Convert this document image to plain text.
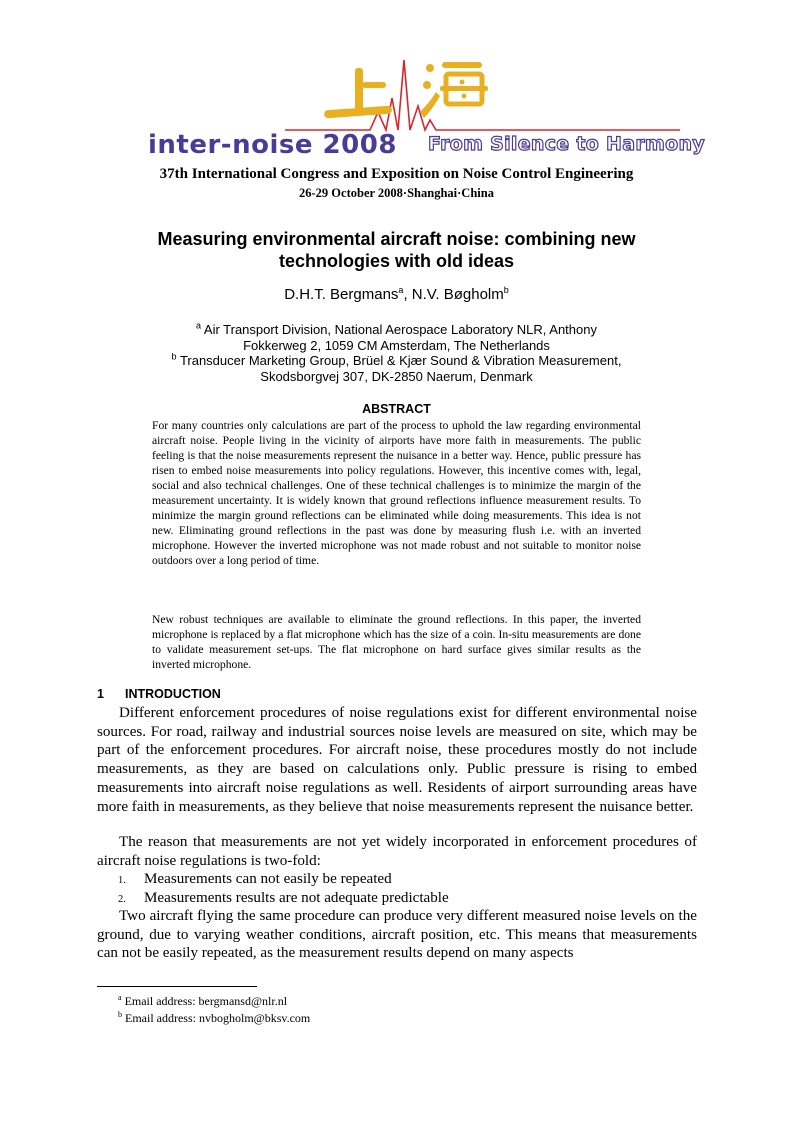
inter-noise 2008 From Silence to Harmony
37th International Congress and Exposition on Noise Control Engineering
26-29 October 2008·Shanghai·China
Measuring environmental aircraft noise: combining new
technologies with old ideas
D.H.T. Bergmans$^a$, N.V. Bøgholm$^b$
$^a$ Air Transport Division, National Aerospace Laboratory NLR, Anthony
Fokkerweg 2, 1059 CM Amsterdam, The Netherlands
$^b$ Transducer Marketing Group, Brüel & Kjær Sound & Vibration Measurement,
Skodsborgvej 307, DK-2850 Naerum, Denmark
ABSTRACT
For many countries only calculations are part of the process to uphold the law regarding environmental aircraft noise. People living in the vicinity of airports have more faith in measurements. The public feeling is that the noise measurements represent the nuisance in a better way. Hence, public pressure has risen to embed noise measurements into policy regulations. However, this incentive comes with, legal, social and also technical challenges. One of these technical challenges is to minimize the margin of the measurement uncertainty. It is widely known that ground reflections influence measurement results. To minimize the margin ground reflections can be eliminated while doing measurements. This idea is not new. Eliminating ground reflections in the past was done by measuring flush i.e. with an inverted microphone. However the inverted microphone was not made robust and not suitable to monitor noise outdoors over a long period of time.
New robust techniques are available to eliminate the ground reflections. In this paper, the inverted microphone is replaced by a flat microphone which has the size of a coin. In-situ measurements are done to validate measurement set-ups. The flat microphone on hard surface gives similar results as the inverted microphone.
1 INTRODUCTION
Different enforcement procedures of noise regulations exist for different environmental noise sources. For road, railway and industrial sources noise levels are measured on site, which may be part of the enforcement procedures. For aircraft noise, these procedures mostly do not include measurements, as they are based on calculations only. Public pressure is rising to embed measurements into aircraft noise regulations as well. Residents of airport surrounding areas have more faith in measurements, as they believe that noise measurements represent the nuisance better.
The reason that measurements are not yet widely incorporated in enforcement procedures of aircraft noise regulations is two-fold:
1. Measurements can not easily be repeated
2. Measurements results are not adequate predictable
Two aircraft flying the same procedure can produce very different measured noise levels on the ground, due to varying weather conditions, aircraft position, etc. This means that measurements can not be easily repeated, as the measurement results depend on many aspects
$^a$ Email address: bergmansd@nlr.nl
$^b$ Email address: nvbogholm@bksv.com
